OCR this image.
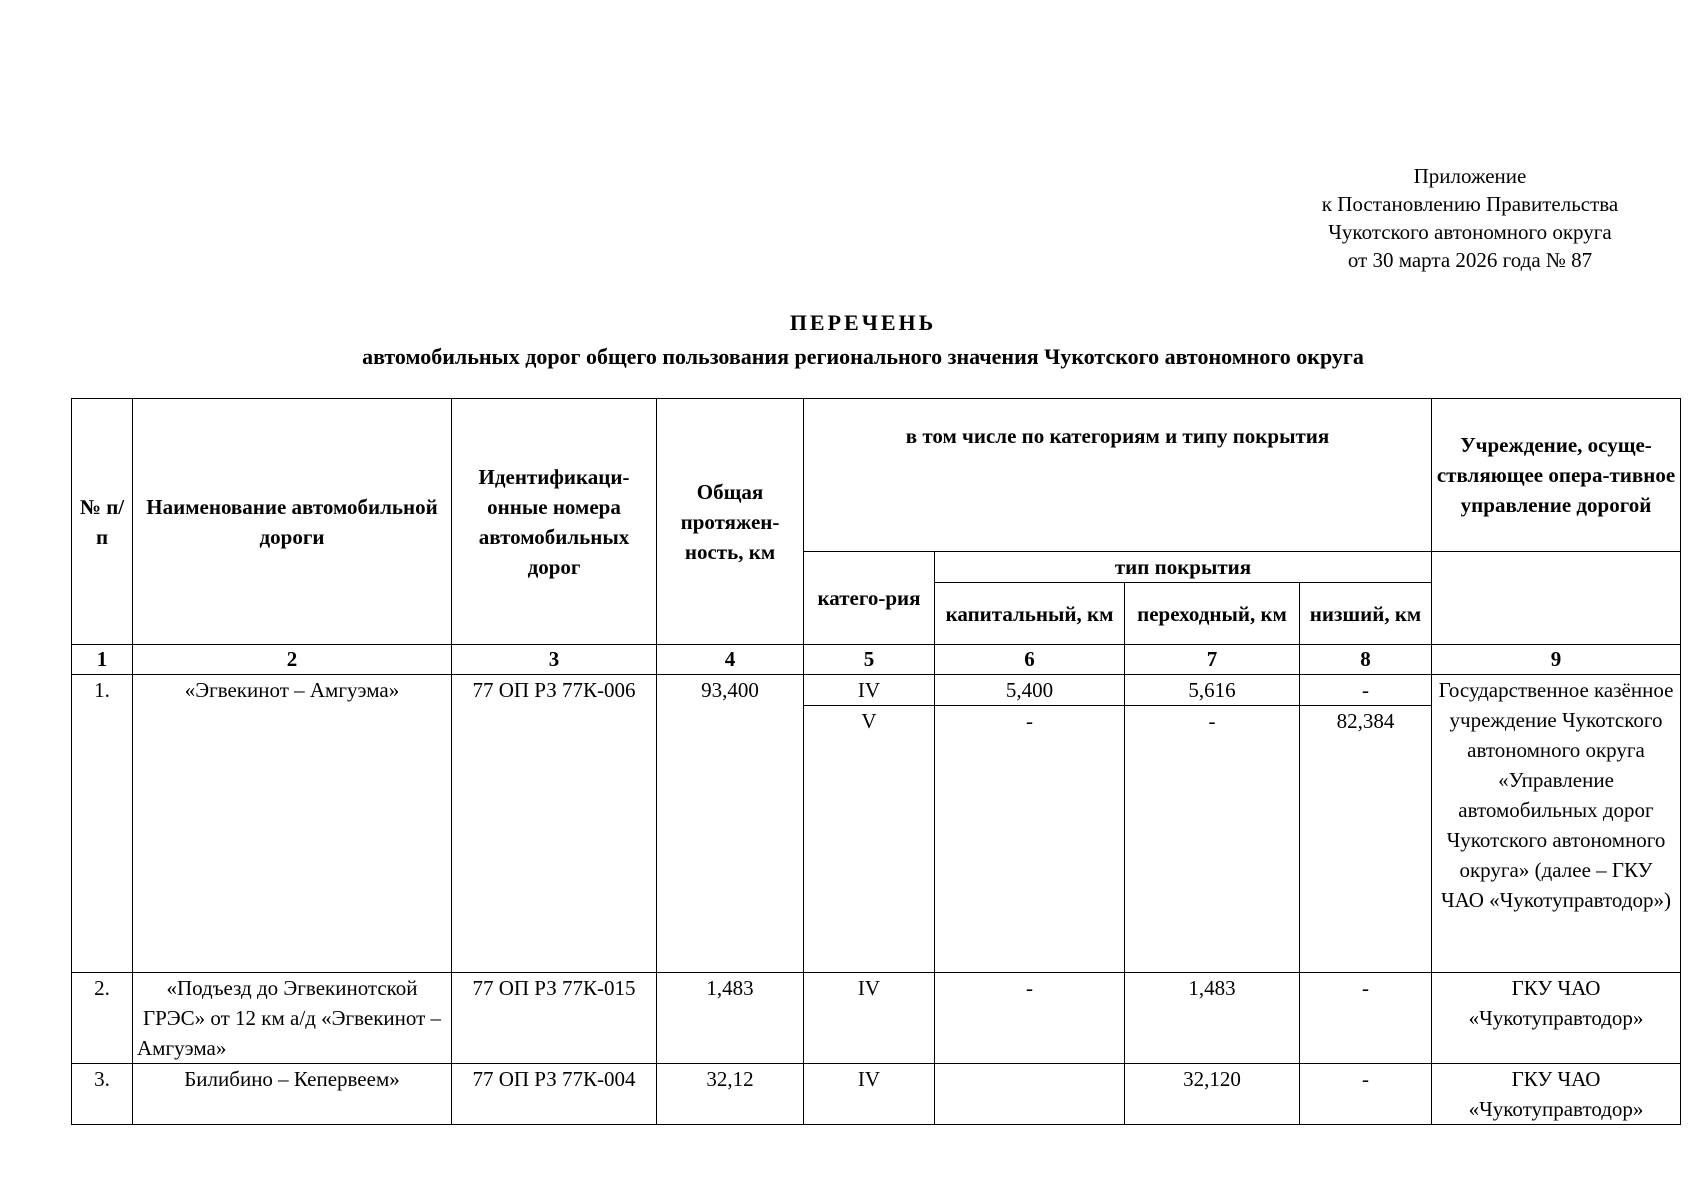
Приложение
к Постановлению Правительства
Чукотского автономного округа
от 30 марта 2026 года № 87
ПЕРЕЧЕНЬ
автомобильных дорог общего пользования регионального значения Чукотского автономного округа
№ п/п	Наименование автомобильной дороги	Идентификаци-онные номера автомобильных дорог	Общая протяжен-ность, км	в том числе по категориям и типу покрытия				Учреждение, осуще-ствляющее опера-тивное управление дорогой
				катего-рия	тип покрытия			
					капитальный, км	переходный, км	низший, км	
1	2	3	4	5	6	7	8	9
1.	«Эгвекинот – Амгуэма»	77 ОП РЗ 77К-006	93,400	IV	5,400	5,616	-	Государственное казённое учреждение Чукотского автономного округа «Управление автомобильных дорог Чукотского автономного округа» (далее – ГКУ ЧАО «Чукотуправтодор»)
				V	-	-	82,384	
2.	«Подъезд до Эгвекинотской ГРЭС» от 12 км а/д «Эгвекинот – Амгуэма»	77 ОП РЗ 77К-015	1,483	IV	-	1,483	-	ГКУ ЧАО «Чукотуправтодор»
3.	Билибино – Кепервеем»	77 ОП РЗ 77К-004	32,12	IV		32,120	-	ГКУ ЧАО «Чукотуправтодор»
